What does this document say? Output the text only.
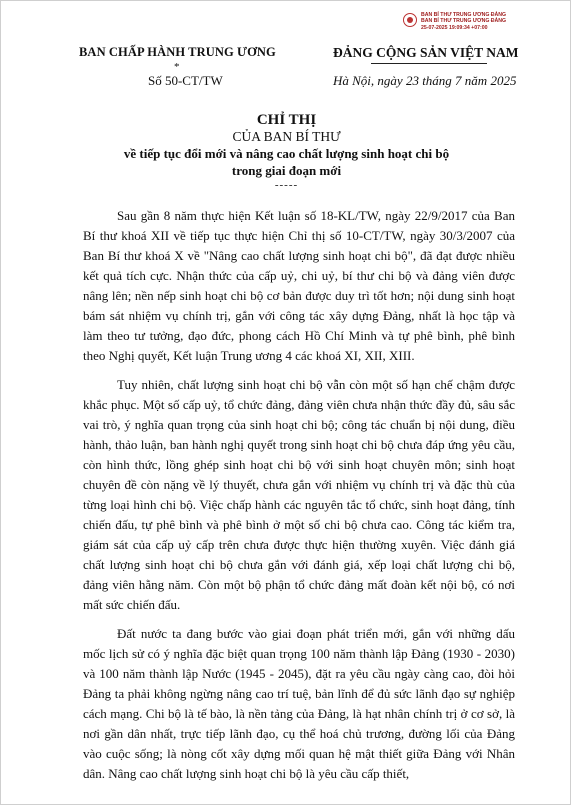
BAN BÍ THƯ TRUNG ƯƠNG ĐẢNG
BAN BÍ THƯ TRUNG ƯƠNG ĐẢNG
25-07-2025 19:09:34 +07:00
BAN CHẤP HÀNH TRUNG ƯƠNG
*
Số 50-CT/TW
ĐẢNG CỘNG SẢN VIỆT NAM
Hà Nội, ngày 23 tháng 7 năm 2025
CHỈ THỊ
CỦA BAN BÍ THƯ
về tiếp tục đổi mới và nâng cao chất lượng sinh hoạt chi bộ
trong giai đoạn mới
-----

Sau gần 8 năm thực hiện Kết luận số 18-KL/TW, ngày 22/9/2017 của Ban Bí thư khoá XII về tiếp tục thực hiện Chỉ thị số 10-CT/TW, ngày 30/3/2007 của Ban Bí thư khoá X về "Nâng cao chất lượng sinh hoạt chi bộ", đã đạt được nhiều kết quả tích cực. Nhận thức của cấp uỷ, chi uỷ, bí thư chi bộ và đảng viên được nâng lên; nền nếp sinh hoạt chi bộ cơ bản được duy trì tốt hơn; nội dung sinh hoạt bám sát nhiệm vụ chính trị, gắn với công tác xây dựng Đảng, nhất là học tập và làm theo tư tưởng, đạo đức, phong cách Hồ Chí Minh và tự phê bình, phê bình theo Nghị quyết, Kết luận Trung ương 4 các khoá XI, XII, XIII.

Tuy nhiên, chất lượng sinh hoạt chi bộ vẫn còn một số hạn chế chậm được khắc phục. Một số cấp uỷ, tổ chức đảng, đảng viên chưa nhận thức đầy đủ, sâu sắc vai trò, ý nghĩa quan trọng của sinh hoạt chi bộ; công tác chuẩn bị nội dung, điều hành, thảo luận, ban hành nghị quyết trong sinh hoạt chi bộ chưa đáp ứng yêu cầu, còn hình thức, lồng ghép sinh hoạt chi bộ với sinh hoạt chuyên môn; sinh hoạt chuyên đề còn nặng về lý thuyết, chưa gắn với nhiệm vụ chính trị và đặc thù của từng loại hình chi bộ. Việc chấp hành các nguyên tắc tổ chức, sinh hoạt đảng, tính chiến đấu, tự phê bình và phê bình ở một số chi bộ chưa cao. Công tác kiểm tra, giám sát của cấp uỷ cấp trên chưa được thực hiện thường xuyên. Việc đánh giá chất lượng sinh hoạt chi bộ chưa gắn với đánh giá, xếp loại chất lượng chi bộ, đảng viên hằng năm. Còn một bộ phận tổ chức đảng mất đoàn kết nội bộ, có nơi mất sức chiến đấu.

Đất nước ta đang bước vào giai đoạn phát triển mới, gắn với những dấu mốc lịch sử có ý nghĩa đặc biệt quan trọng 100 năm thành lập Đảng (1930 - 2030) và 100 năm thành lập Nước (1945 - 2045), đặt ra yêu cầu ngày càng cao, đòi hỏi Đảng ta phải không ngừng nâng cao trí tuệ, bản lĩnh để đủ sức lãnh đạo sự nghiệp cách mạng. Chi bộ là tế bào, là nền tảng của Đảng, là hạt nhân chính trị ở cơ sở, là nơi gần dân nhất, trực tiếp lãnh đạo, cụ thể hoá chủ trương, đường lối của Đảng vào cuộc sống; là nòng cốt xây dựng mối quan hệ mật thiết giữa Đảng với Nhân dân. Nâng cao chất lượng sinh hoạt chi bộ là yêu cầu cấp thiết,
